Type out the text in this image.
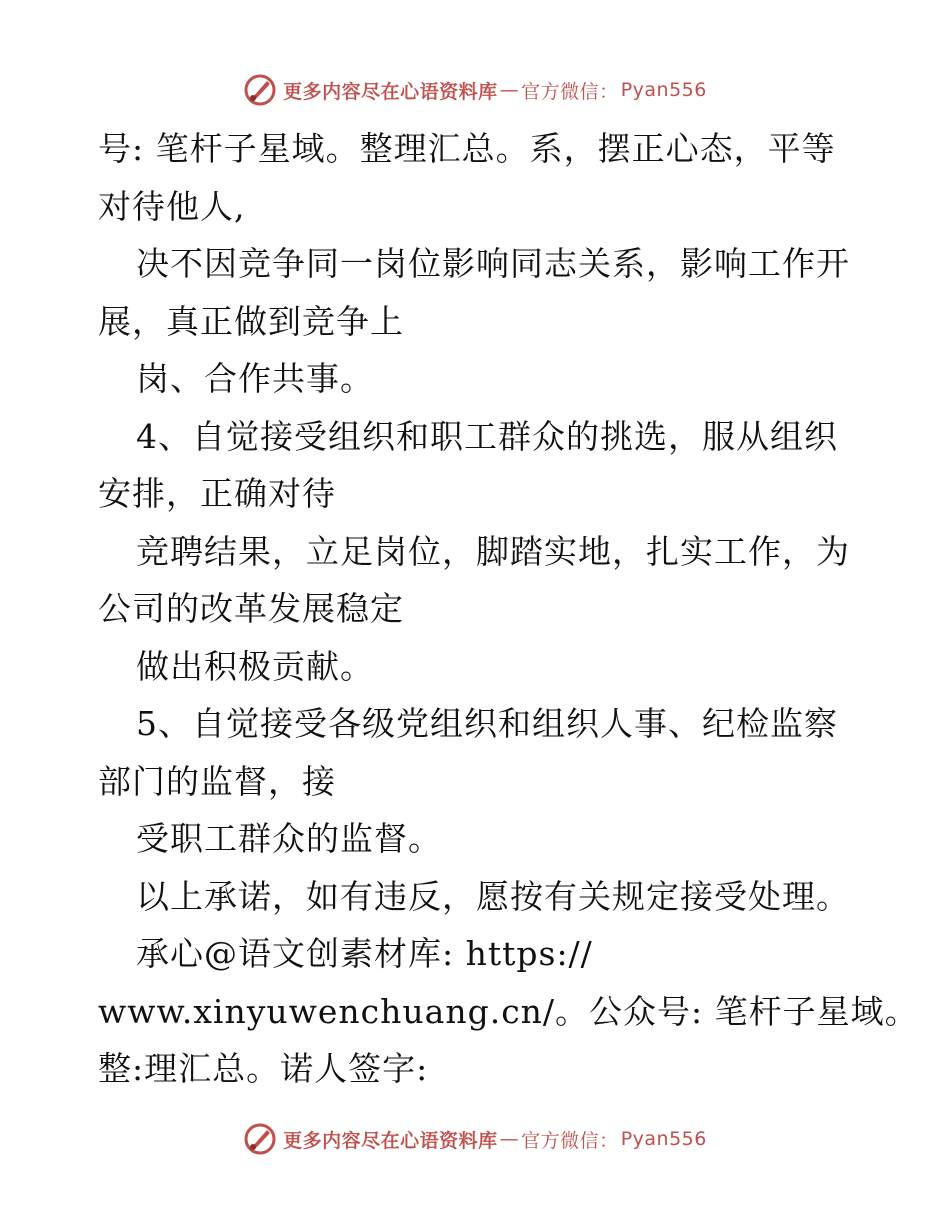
更多内容尽在心语资料库 — 官方微信： Pyan556
号: 笔杆子星域。整理汇总。系，摆正心态，平等
对待他人,
决不因竞争同一岗位影响同志关系，影响工作开
展，真正做到竞争上
岗、合作共事。
4、自觉接受组织和职工群众的挑选，服从组织
安排，正确对待
竞聘结果，立足岗位，脚踏实地，扎实工作，为
公司的改革发展稳定
做出积极贡献。
5、自觉接受各级党组织和组织人事、纪检监察
部门的监督，接
受职工群众的监督。
以上承诺，如有违反，愿按有关规定接受处理。
承心@语文创素材库: https://
www.xinyuwenchuang.cn/。公众号: 笔杆子星域。
整:理汇总。诺人签字:
更多内容尽在心语资料库 — 官方微信： Pyan556
